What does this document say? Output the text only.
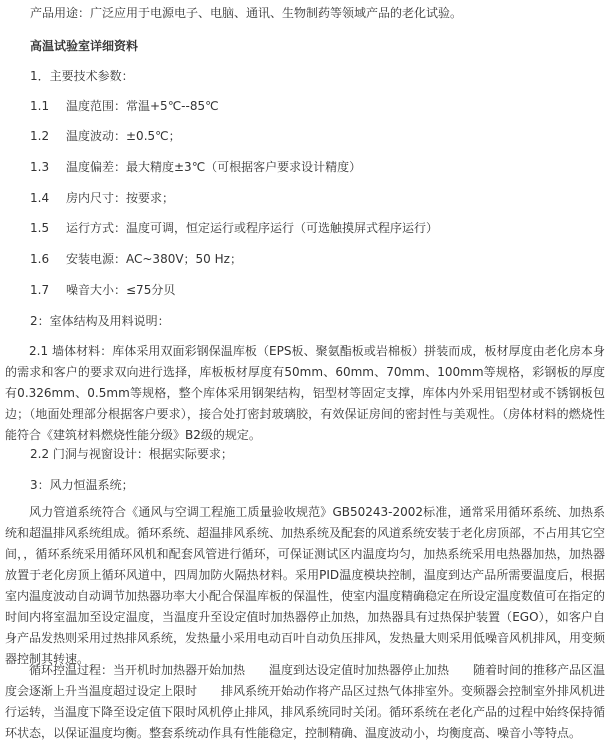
产品用途：广泛应用于电源电子、电脑、通讯、生物制药等领域产品的老化试验。
高温试验室详细资料
1．主要技术参数：
1.1 温度范围：常温+5℃--85℃
1.2 温度波动：±0.5℃；
1.3 温度偏差：最大精度±3℃（可根据客户要求设计精度）
1.4 房内尺寸：按要求；
1.5 运行方式：温度可调，恒定运行或程序运行（可选触摸屏式程序运行）
1.6 安装电源：AC~380V；50 Hz；
1.7 噪音大小：≤75分贝
2：室体结构及用料说明：
2.1 墙体材料：库体采用双面彩钢保温库板（EPS板、聚氨酯板或岩棉板）拼装而成，板材厚度由老化房本身的需求和客户的要求双向进行选择，库板板材厚度有50mm、60mm、70mm、100mm等规格，彩钢板的厚度有0.326mm、0.5mm等规格，整个库体采用钢架结构，铝型材等固定支撑，库体内外采用铝型材或不锈钢板包边；（地面处理部分根据客户要求），接合处打密封玻璃胶，有效保证房间的密封性与美观性。（房体材料的燃烧性能符合《建筑材料燃烧性能分级》B2级的规定。
2.2 门洞与视窗设计：根据实际要求；
3：风力恒温系统；
风力管道系统符合《通风与空调工程施工质量验收规范》GB50243-2002标准，通常采用循环系统、加热系统和超温排风系统组成。循环系统、超温排风系统、加热系统及配套的风道系统安装于老化房顶部，不占用其它空间，，循环系统采用循环风机和配套风管进行循环，可保证测试区内温度均匀，加热系统采用电热器加热，加热器放置于老化房顶上循环风道中，四周加防火隔热材料。采用PID温度模块控制，温度到达产品所需要温度后，根据室内温度波动自动调节加热器功率大小配合保温库板的保温性，使室内温度精确稳定在所设定温度数值可在指定的时间内将室温加至设定温度，当温度升至设定值时加热器停止加热，加热器具有过热保护装置（EGO），如客户自身产品发热则采用过热排风系统，发热量小采用电动百叶自动负压排风，发热量大则采用低噪音风机排风，用变频器控制其转速。
循环控温过程：当开机时加热器开始加热　　温度到达设定值时加热器停止加热　　随着时间的推移产品区温度会逐渐上升当温度超过设定上限时　　排风系统开始动作将产品区过热气体排室外。变频器会控制室外排风机进行运转，当温度下降至设定值下限时风机停止排风，排风系统同时关闭。循环系统在老化产品的过程中始终保持循环状态，以保证温度均衡。整套系统动作具有性能稳定，控制精确、温度波动小，均衡度高、噪音小等特点。
